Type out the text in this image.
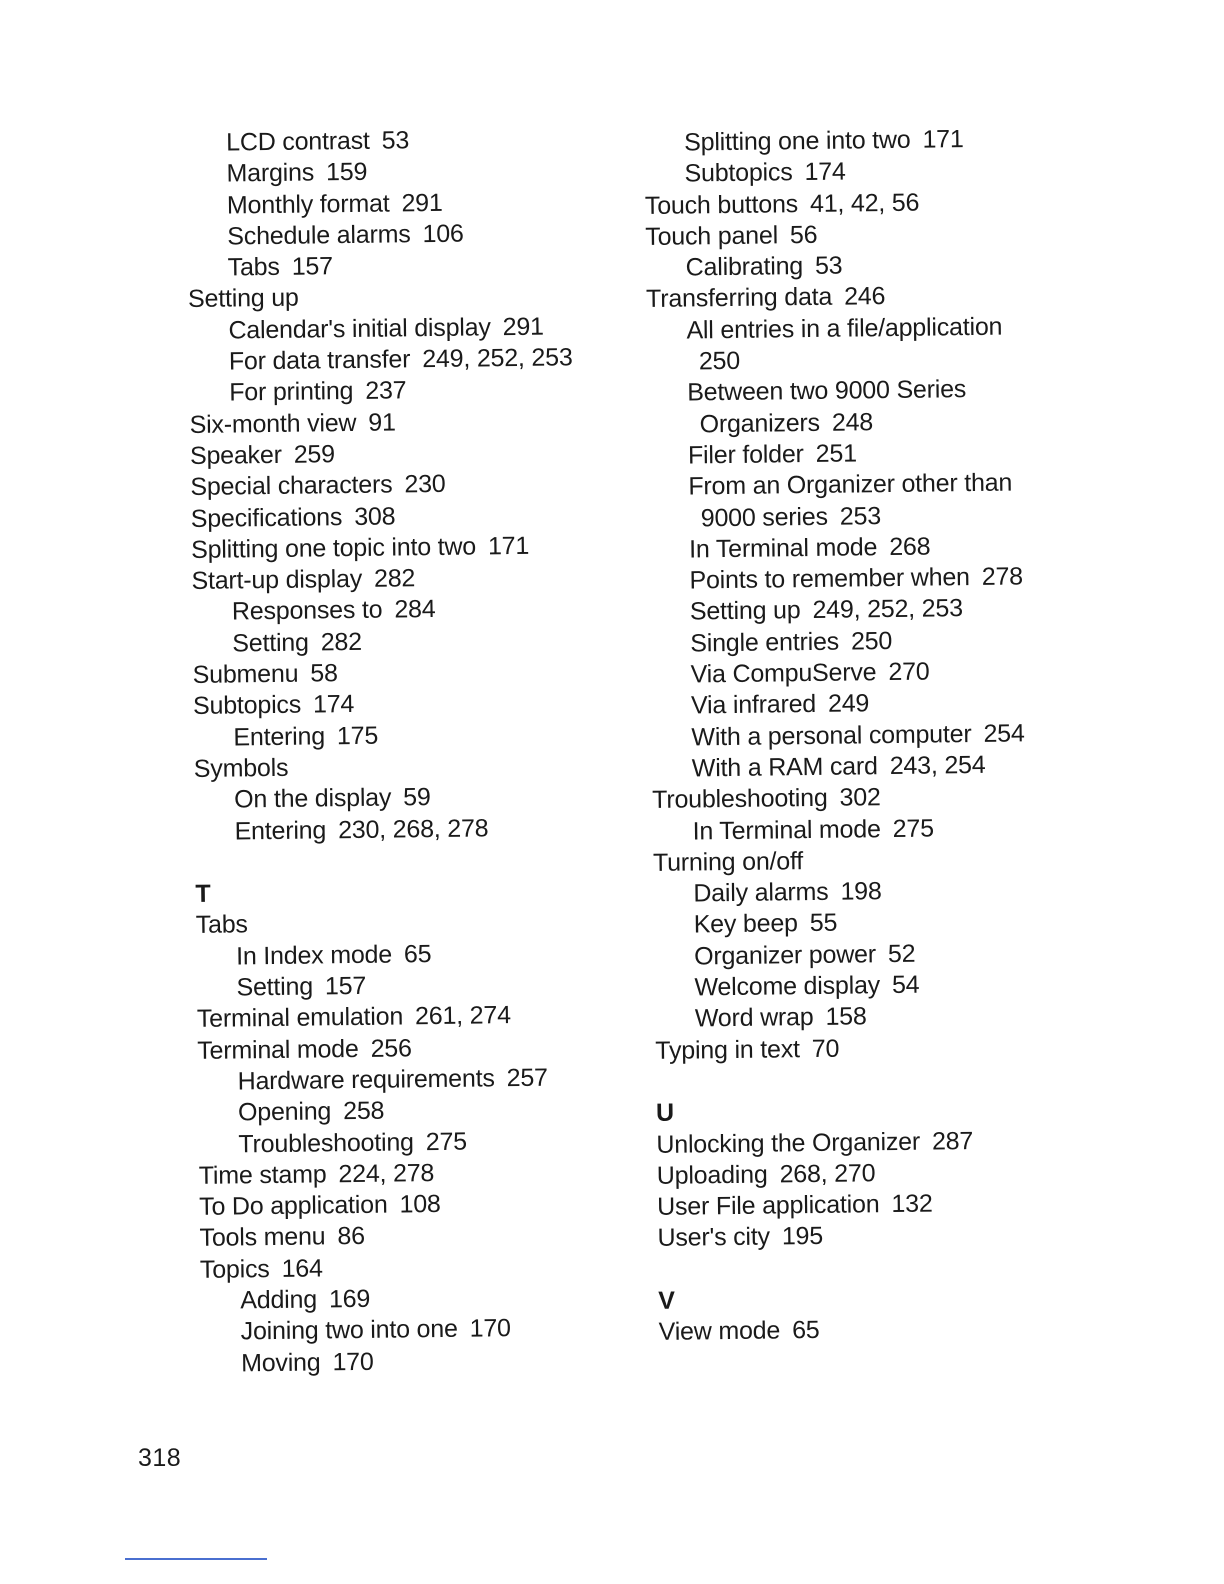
LCD contrast 53
Margins 159
Monthly format 291
Schedule alarms 106
Tabs 157
Setting up
Calendar's initial display 291
For data transfer 249, 252, 253
For printing 237
Six-month view 91
Speaker 259
Special characters 230
Specifications 308
Splitting one topic into two 171
Start-up display 282
Responses to 284
Setting 282
Submenu 58
Subtopics 174
Entering 175
Symbols
On the display 59
Entering 230, 268, 278
T
Tabs
In Index mode 65
Setting 157
Terminal emulation 261, 274
Terminal mode 256
Hardware requirements 257
Opening 258
Troubleshooting 275
Time stamp 224, 278
To Do application 108
Tools menu 86
Topics 164
Adding 169
Joining two into one 170
Moving 170
Splitting one into two 171
Subtopics 174
Touch buttons 41, 42, 56
Touch panel 56
Calibrating 53
Transferring data 246
All entries in a file/application
250
Between two 9000 Series
Organizers 248
Filer folder 251
From an Organizer other than
9000 series 253
In Terminal mode 268
Points to remember when 278
Setting up 249, 252, 253
Single entries 250
Via CompuServe 270
Via infrared 249
With a personal computer 254
With a RAM card 243, 254
Troubleshooting 302
In Terminal mode 275
Turning on/off
Daily alarms 198
Key beep 55
Organizer power 52
Welcome display 54
Word wrap 158
Typing in text 70
U
Unlocking the Organizer 287
Uploading 268, 270
User File application 132
User's city 195
V
View mode 65
318
